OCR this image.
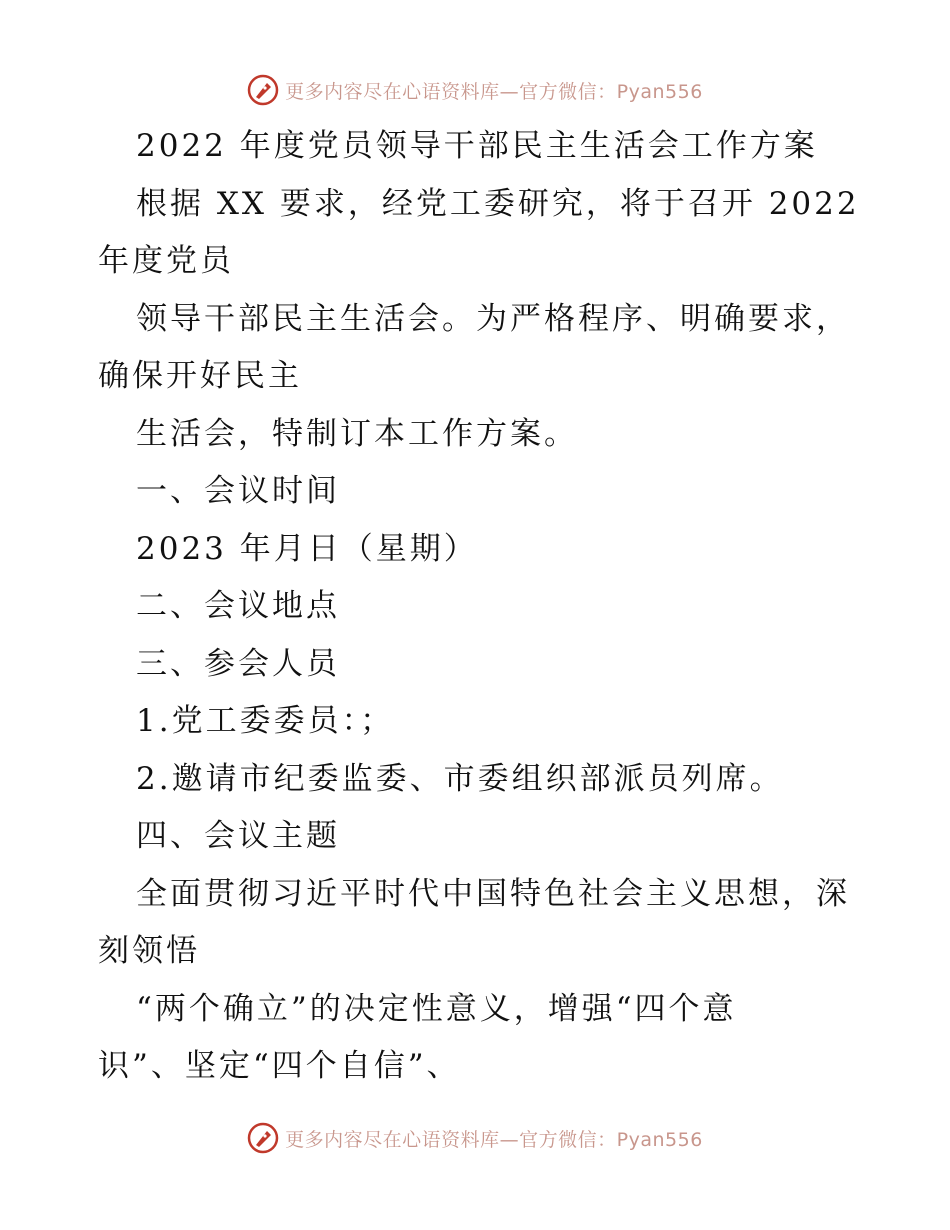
更多内容尽在心语资料库—官方微信：Pyan556
2022 年度党员领导干部民主生活会工作方案
根据 XX 要求，经党工委研究，将于召开 2022
年度党员
领导干部民主生活会。为严格程序、明确要求，
确保开好民主
生活会，特制订本工作方案。
一、会议时间
2023 年月日（星期）
二、会议地点
三、参会人员
1.党工委委员：；
2.邀请市纪委监委、市委组织部派员列席。
四、会议主题
全面贯彻习近平时代中国特色社会主义思想，深
刻领悟
“两个确立”的决定性意义，增强“四个意
识”、坚定“四个自信”、
更多内容尽在心语资料库—官方微信：Pyan556
